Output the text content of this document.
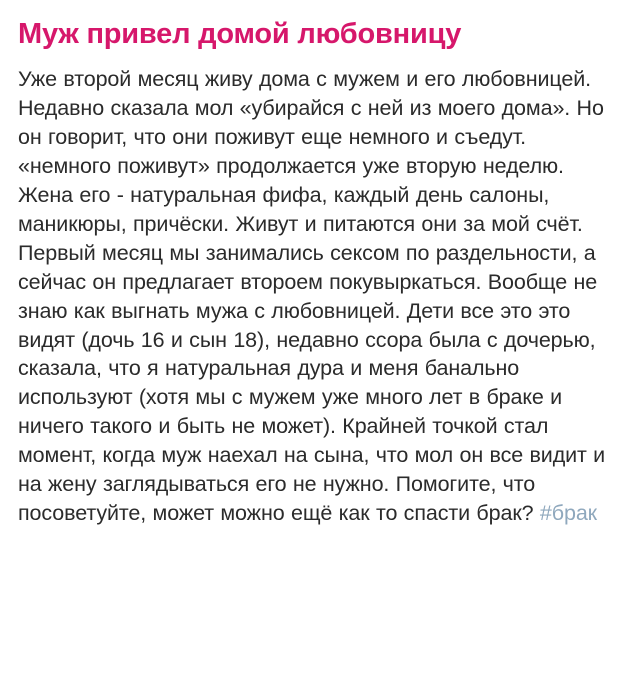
Муж привел домой любовницу
Уже второй месяц живу дома с мужем и его любовницей. Недавно сказала мол «убирайся с ней из моего дома». Но он говорит, что они поживут еще немного и съедут. «немного поживут» продолжается уже вторую неделю. Жена его - натуральная фифа, каждый день салоны, маникюры, причёски. Живут и питаются они за мой счёт. Первый месяц мы занимались сексом по раздельности, а сейчас он предлагает второем покувыркаться. Вообще не знаю как выгнать мужа с любовницей. Дети все это это видят (дочь 16 и сын 18), недавно ссора была с дочерью, сказала, что я натуральная дура и меня банально используют (хотя мы с мужем уже много лет в браке и ничего такого и быть не может). Крайней точкой стал момент, когда муж наехал на сына, что мол он все видит и на жену заглядываться его не нужно. Помогите, что посоветуйте, может можно ещё как то спасти брак? #брак
